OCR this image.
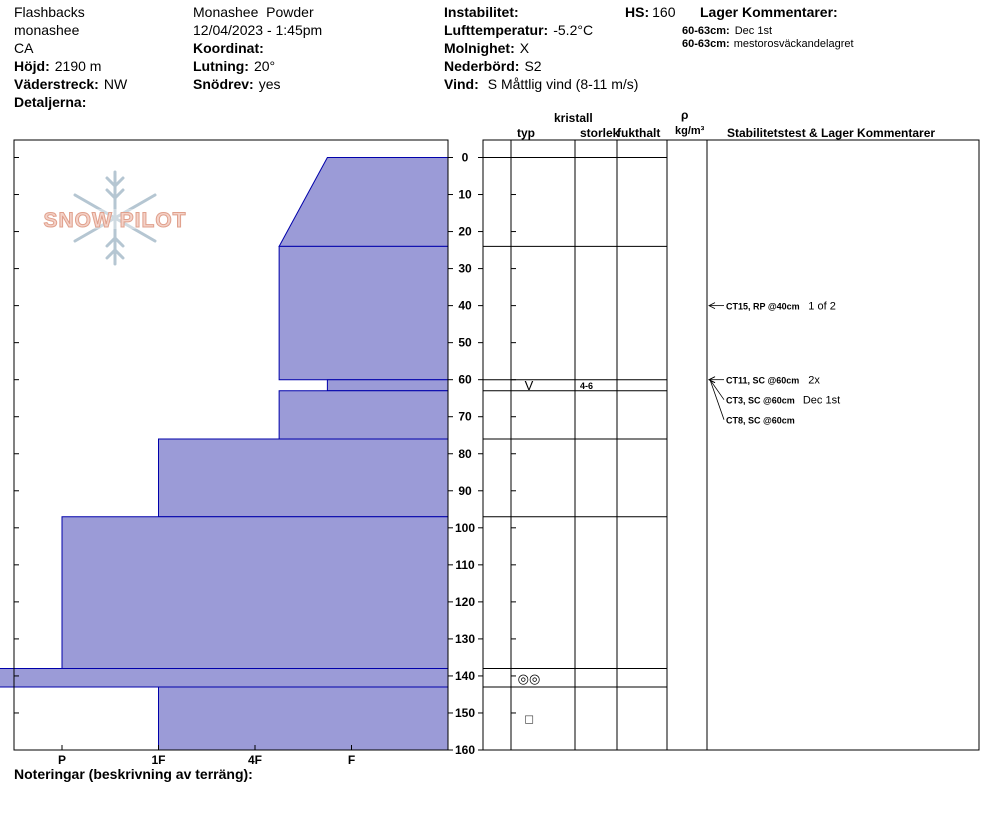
Flashbacks
monashee
CA
Höjd: 2190 m
Väderstreck: NW
Detaljerna:
Monashee  Powder
12/04/2023 - 1:45pm
Koordinat:
Lutning: 20°
Snödrev: yes
Instabilitet:
Lufttemperatur: -5.2°C
Molnighet: X
Nederbörd: S2
Vind: S Måttlig vind (8-11 m/s)
HS: 160 Lager Kommentarer:
60-63cm: Dec 1st
60-63cm: mestorosväckandelagret
kristall
typ	storlek
fukthalt
ρ
kg/m³ Stabilitetstest & Lager Kommentarer
SNOW PILOT
P	1F	4F	F
0
10
20
30
40
50
60
70
80
90
100
110
120
130
140
150
160
V	4-6
◎◎
□
CT15, RP @40cm 1 of 2
CT11, SC @60cm 2x
CT3, SC @60cm Dec 1st
CT8, SC @60cm
Noteringar (beskrivning av terräng):
